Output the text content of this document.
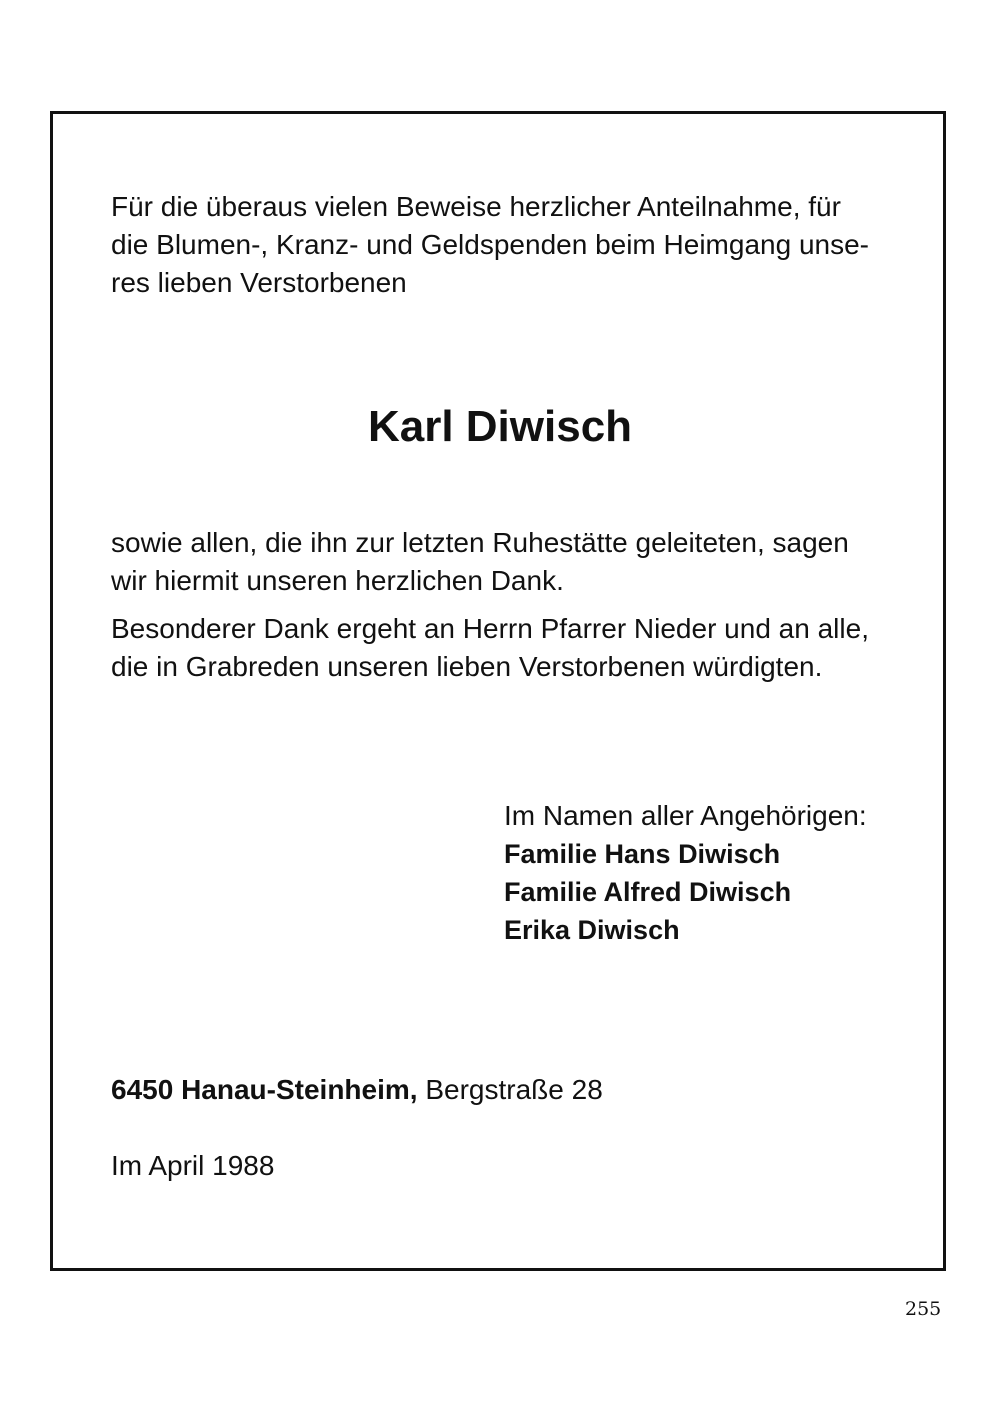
Für die überaus vielen Beweise herzlicher Anteilnahme, für
die Blumen-, Kranz- und Geldspenden beim Heimgang unse-
res lieben Verstorbenen

Karl Diwisch

sowie allen, die ihn zur letzten Ruhestätte geleiteten, sagen
wir hiermit unseren herzlichen Dank.

Besonderer Dank ergeht an Herrn Pfarrer Nieder und an alle,
die in Grabreden unseren lieben Verstorbenen würdigten.

Im Namen aller Angehörigen:
Familie Hans Diwisch
Familie Alfred Diwisch
Erika Diwisch

6450 Hanau-Steinheim, Bergstraße 28

Im April 1988

255
